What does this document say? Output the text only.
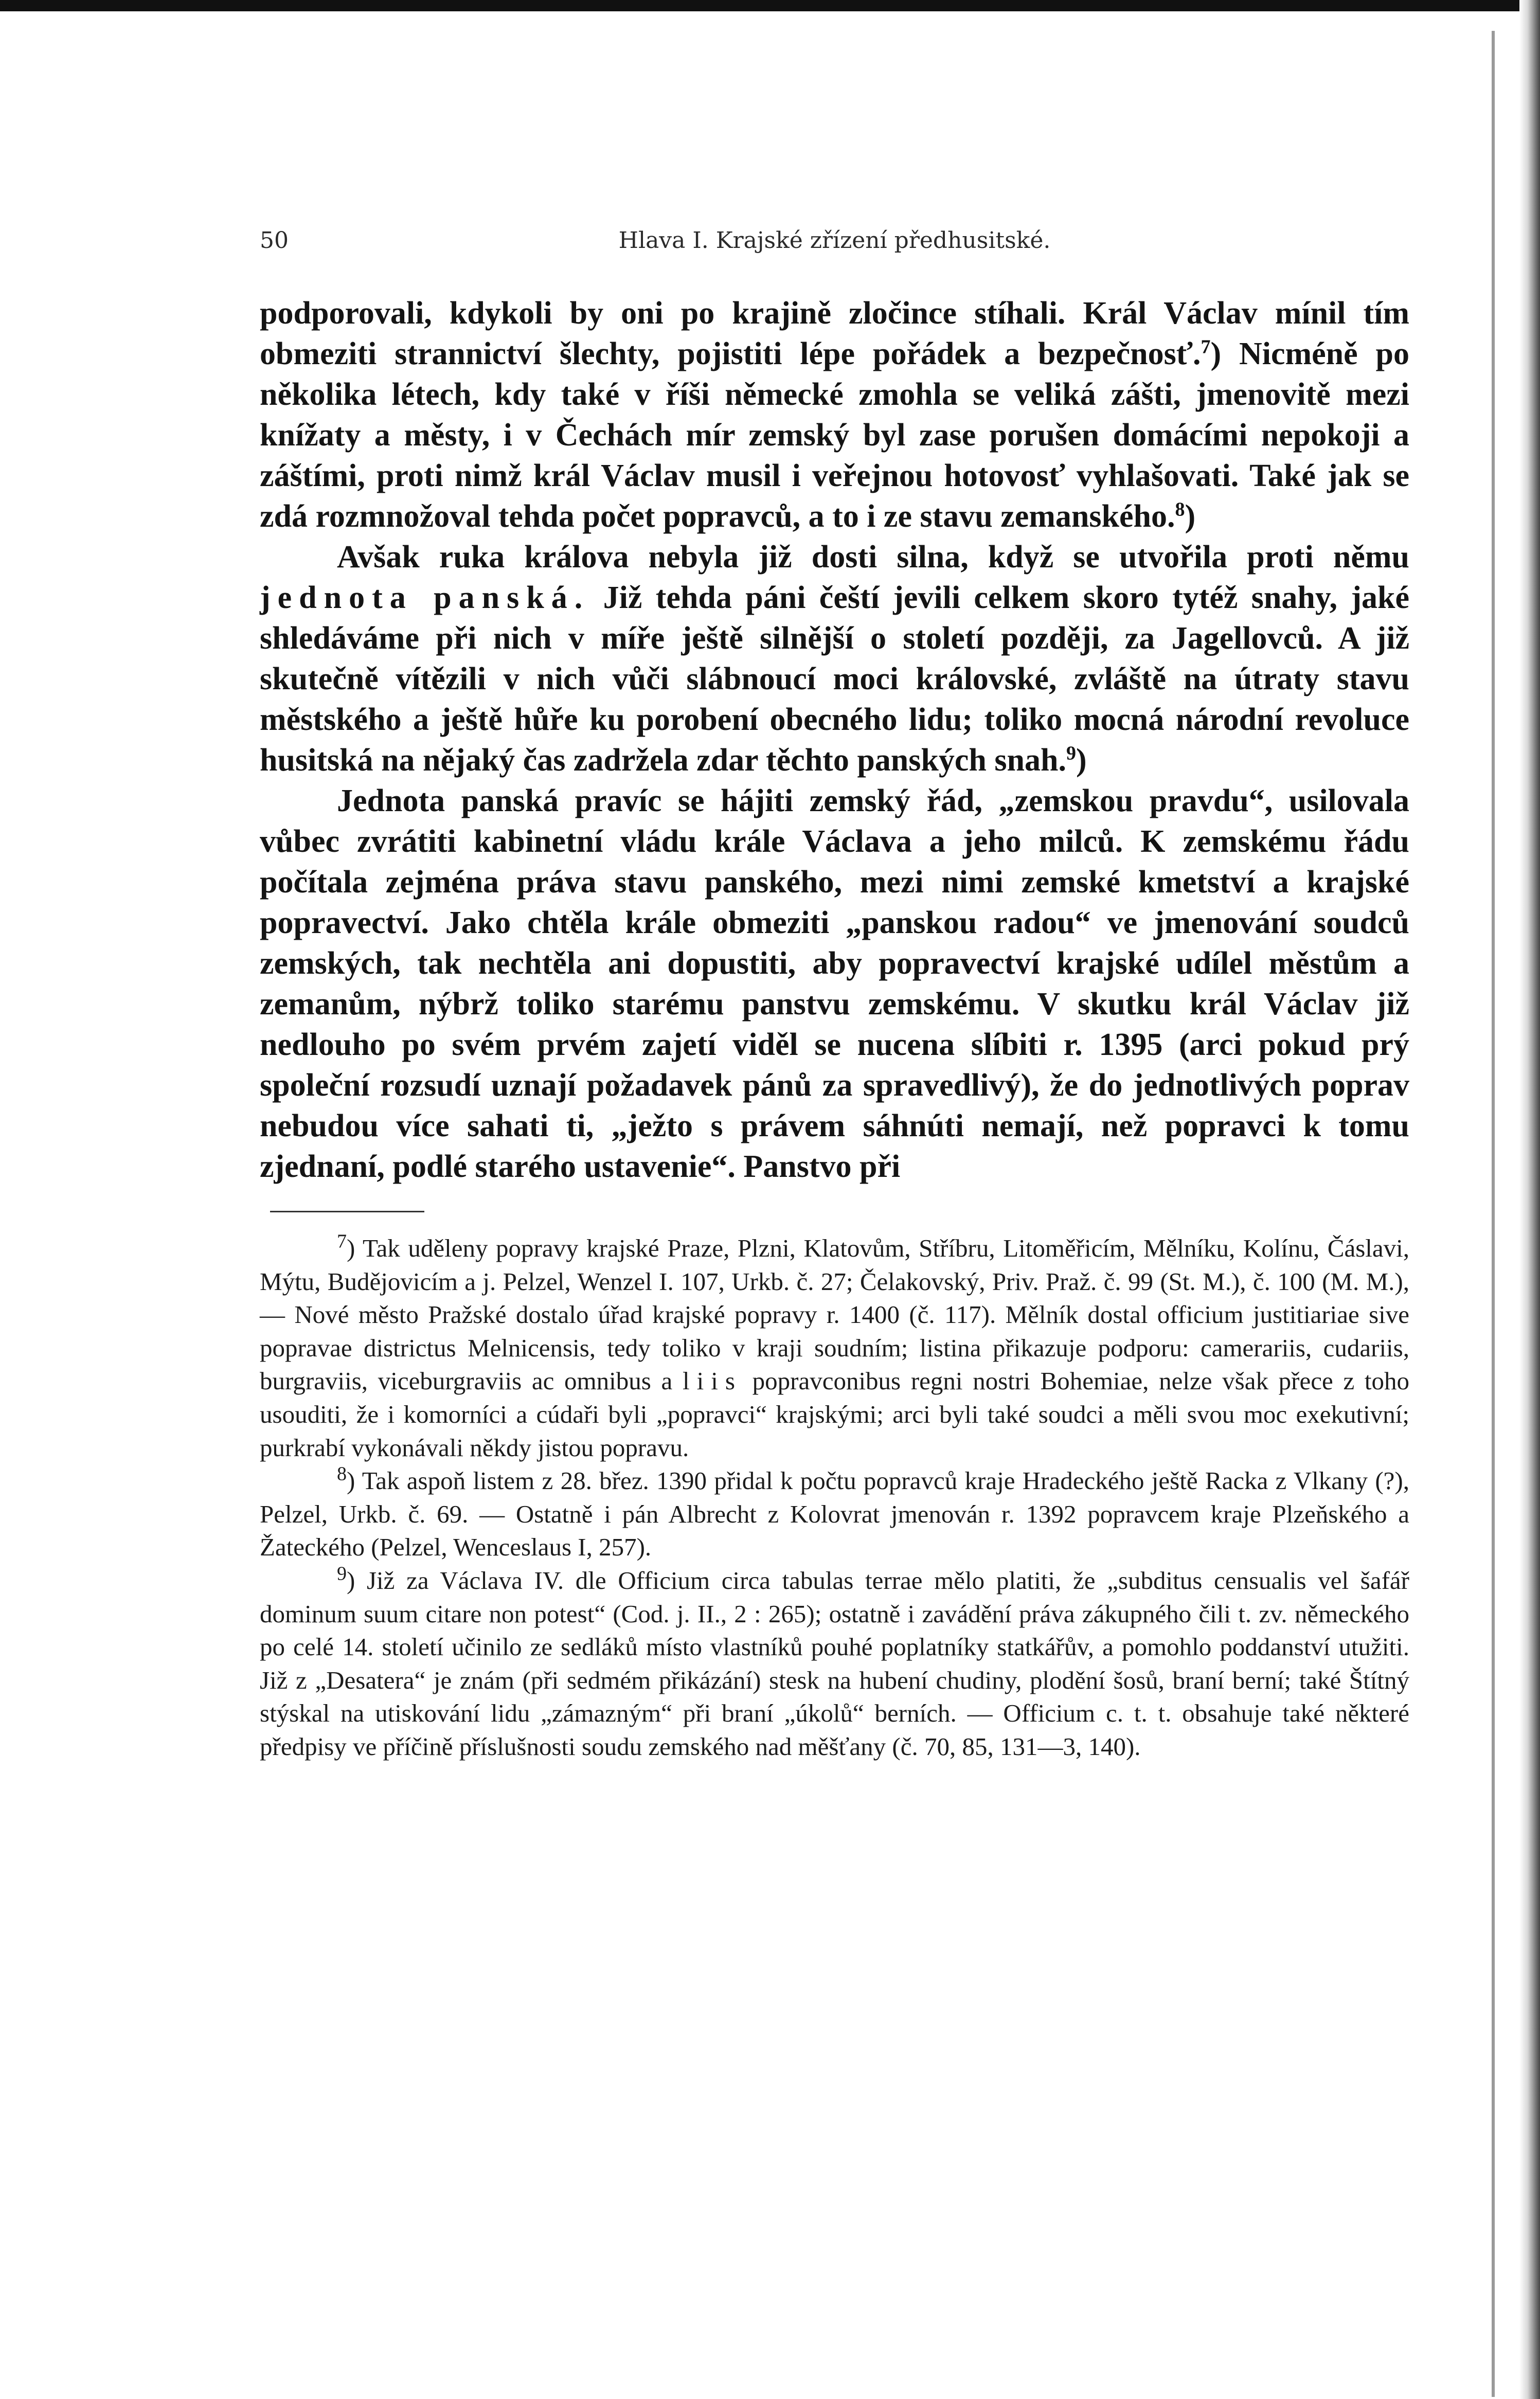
50	Hlava I. Krajské zřízení předhusitské.

podporovali, kdykoli by oni po krajině zločince stíhali. Král Václav mínil tím obmeziti strannictví šlechty, pojistiti lépe pořádek a bezpečnosť.$^7$) Nicméně po několika létech, kdy také v říši německé zmohla se veliká zášti, jmenovitě mezi knížaty a městy, i v Čechách mír zemský byl zase porušen domácími nepokoji a záštími, proti nimž král Václav musil i veřejnou hotovosť vyhlašovati. Také jak se zdá rozmnožoval tehda počet popravců, a to i ze stavu zemanského.$^8$)

Avšak ruka králova nebyla již dosti silna, když se utvořila proti němu jednota panská. Již tehda páni čeští jevili celkem skoro tytéž snahy, jaké shledáváme při nich v míře ještě silnější o století později, za Jagellovců. A již skutečně vítězili v nich vůči slábnoucí moci královské, zvláště na útraty stavu městského a ještě hůře ku porobení obecného lidu; toliko mocná národní revoluce husitská na nějaký čas zadržela zdar těchto panských snah.$^9$)

Jednota panská pravíc se hájiti zemský řád, „zemskou pravdu“, usilovala vůbec zvrátiti kabinetní vládu krále Václava a jeho milců. K zemskému řádu počítala zejména práva stavu panského, mezi nimi zemské kmetství a krajské popravectví. Jako chtěla krále obmeziti „panskou radou“ ve jmenování soudců zemských, tak nechtěla ani dopustiti, aby popravectví krajské udílel městům a zemanům, nýbrž toliko starému panstvu zemskému. V skutku král Václav již nedlouho po svém prvém zajetí viděl se nucena slíbiti r. 1395 (arci pokud prý společní rozsudí uznají požadavek pánů za spravedlivý), že do jednotlivých poprav nebudou více sahati ti, „ježto s právem sáhnúti nemají, než popravci k tomu zjednaní, podlé starého ustavenie“. Panstvo při

$^7$) Tak uděleny popravy krajské Praze, Plzni, Klatovům, Stříbru, Litoměřicím, Mělníku, Kolínu, Čáslavi, Mýtu, Budějovicím a j. Pelzel, Wenzel I. 107, Urkb. č. 27; Čelakovský, Priv. Praž. č. 99 (St. M.), č. 100 (M. M.), — Nové město Pražské dostalo úřad krajské popravy r. 1400 (č. 117). Mělník dostal officium justitiariae sive popravae districtus Melnicensis, tedy toliko v kraji soudním; listina přikazuje podporu: camerariis, cudariis, burgraviis, viceburgraviis ac omnibus a liis popravconibus regni nostri Bohemiae, nelze však přece z toho usouditi, že i komorníci a cúdaři byli „popravci“ krajskými; arci byli také soudci a měli svou moc exekutivní; purkrabí vykonávali někdy jistou popravu.

$^8$) Tak aspoň listem z 28. břez. 1390 přidal k počtu popravců kraje Hradeckého ještě Racka z Vlkany (?), Pelzel, Urkb. č. 69. — Ostatně i pán Albrecht z Kolovrat jmenován r. 1392 popravcem kraje Plzeňského a Žateckého (Pelzel, Wenceslaus I, 257).

$^9$) Již za Václava IV. dle Officium circa tabulas terrae mělo platiti, že „subditus censualis vel šafář dominum suum citare non potest“ (Cod. j. II., 2 : 265); ostatně i zavádění práva zákupného čili t. zv. německého po celé 14. století učinilo ze sedláků místo vlastníků pouhé poplatníky statkářův, a pomohlo poddanství utužiti. Již z „Desatera“ je znám (při sedmém přikázání) stesk na hubení chudiny, plodění šosů, braní berní; také Štítný stýskal na utiskování lidu „zámazným“ při braní „úkolů“ berních. — Officium c. t. t. obsahuje také některé předpisy ve příčině příslušnosti soudu zemského nad měšťany (č. 70, 85, 131—3, 140).
